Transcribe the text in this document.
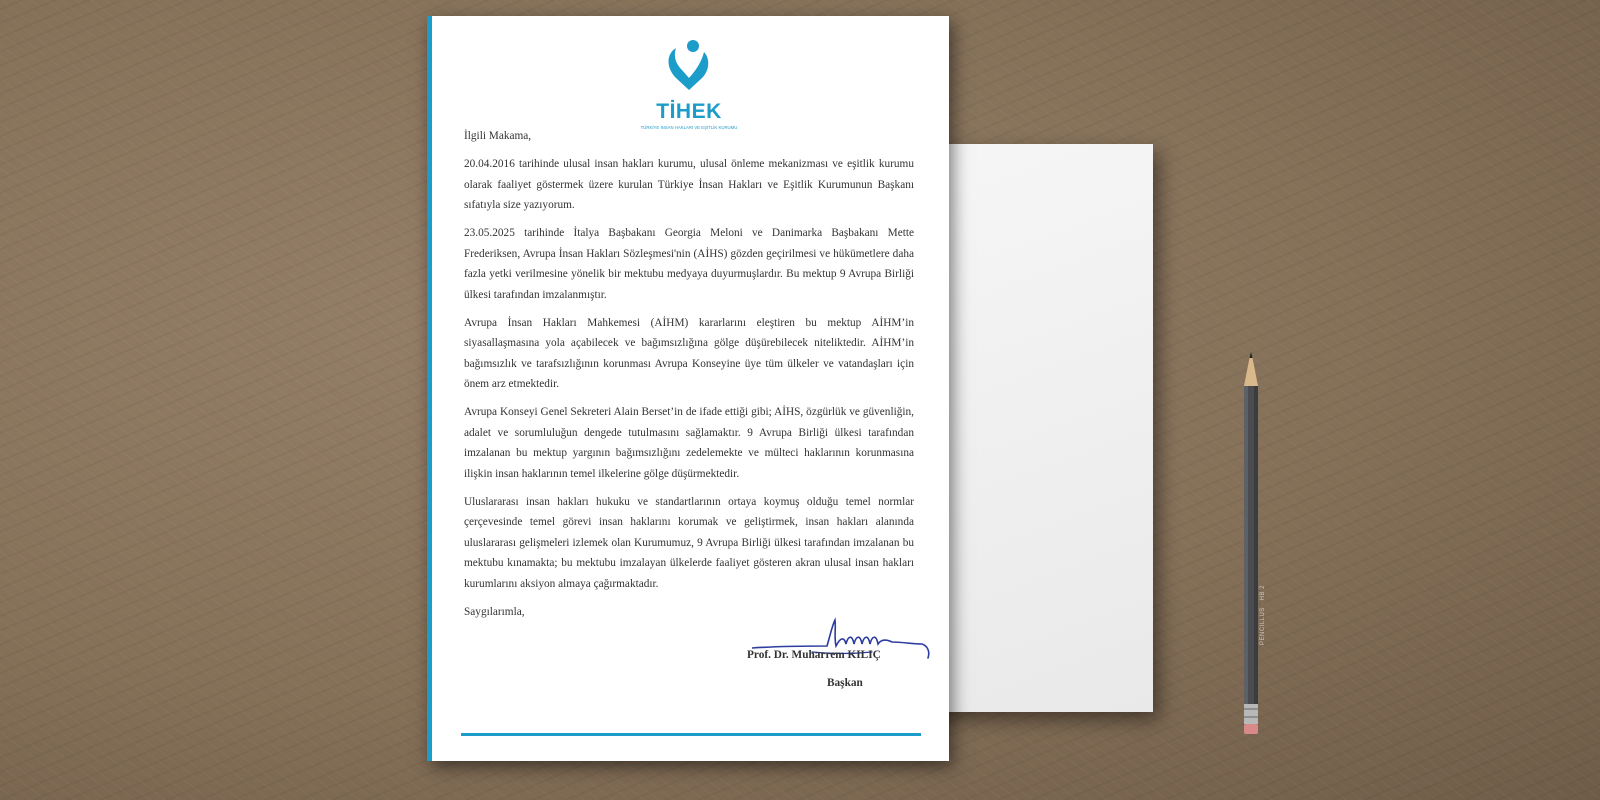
PENCILLUS · HB 2
TİHEK
TÜRKİYE İNSAN HAKLARI VE EŞİTLİK KURUMU

İlgili Makama,

20.04.2016 tarihinde ulusal insan hakları kurumu, ulusal önleme mekanizması ve eşitlik kurumu olarak faaliyet göstermek üzere kurulan Türkiye İnsan Hakları ve Eşitlik Kurumunun Başkanı sıfatıyla size yazıyorum.

23.05.2025 tarihinde İtalya Başbakanı Georgia Meloni ve Danimarka Başbakanı Mette Frederiksen, Avrupa İnsan Hakları Sözleşmesi'nin (AİHS) gözden geçirilmesi ve hükümetlere daha fazla yetki verilmesine yönelik bir mektubu medyaya duyurmuşlardır. Bu mektup 9 Avrupa Birliği ülkesi tarafından imzalanmıştır.

Avrupa İnsan Hakları Mahkemesi (AİHM) kararlarını eleştiren bu mektup AİHM’in siyasallaşmasına yola açabilecek ve bağımsızlığına gölge düşürebilecek niteliktedir. AİHM’in bağımsızlık ve tarafsızlığının korunması Avrupa Konseyine üye tüm ülkeler ve vatandaşları için önem arz etmektedir.

Avrupa Konseyi Genel Sekreteri Alain Berset’in de ifade ettiği gibi; AİHS, özgürlük ve güvenliğin, adalet ve sorumluluğun dengede tutulmasını sağlamaktır. 9 Avrupa Birliği ülkesi tarafından imzalanan bu mektup yargının bağımsızlığını zedelemekte ve mülteci haklarının korunmasına ilişkin insan haklarının temel ilkelerine gölge düşürmektedir.

Uluslararası insan hakları hukuku ve standartlarının ortaya koymuş olduğu temel normlar çerçevesinde temel görevi insan haklarını korumak ve geliştirmek, insan hakları alanında uluslararası gelişmeleri izlemek olan Kurumumuz, 9 Avrupa Birliği ülkesi tarafından imzalanan bu mektubu kınamakta; bu mektubu imzalayan ülkelerde faaliyet gösteren akran ulusal insan hakları kurumlarını aksiyon almaya çağırmaktadır.

Saygılarımla,

Prof. Dr. Muharrem KILIÇ
Başkan
